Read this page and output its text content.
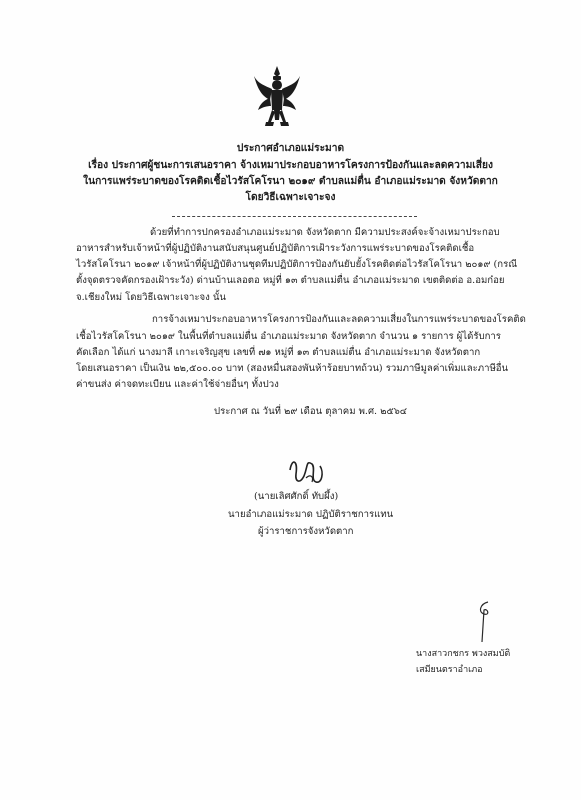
ประกาศอำเภอแม่ระมาด
เรื่อง ประกาศผู้ชนะการเสนอราคา จ้างเหมาประกอบอาหารโครงการป้องกันและลดความเสี่ยง
ในการแพร่ระบาดของโรคติดเชื้อไวรัสโคโรนา ๒๐๑๙ ตำบลแม่ตื่น อำเภอแม่ระมาด จังหวัดตาก
โดยวิธีเฉพาะเจาะจง
ด้วยที่ทำการปกครองอำเภอแม่ระมาด จังหวัดตาก มีความประสงค์จะจ้างเหมาประกอบ
อาหารสำหรับเจ้าหน้าที่ผู้ปฏิบัติงานสนับสนุนศูนย์ปฏิบัติการเฝ้าระวังการแพร่ระบาดของโรคติดเชื้อ
ไวรัสโคโรนา ๒๐๑๙ เจ้าหน้าที่ผู้ปฏิบัติงานชุดทีมปฏิบัติการป้องกันยับยั้งโรคติดต่อไวรัสโคโรนา ๒๐๑๙ (กรณี
ตั้งจุดตรวจคัดกรองเฝ้าระวัง) ด่านบ้านเลอตอ หมู่ที่ ๑๓ ตำบลแม่ตื่น อำเภอแม่ระมาด เขตติดต่อ อ.อมก๋อย
จ.เชียงใหม่ โดยวิธีเฉพาะเจาะจง นั้น
การจ้างเหมาประกอบอาหารโครงการป้องกันและลดความเสี่ยงในการแพร่ระบาดของโรคติด
เชื้อไวรัสโคโรนา ๒๐๑๙ ในพื้นที่ตำบลแม่ตื่น อำเภอแม่ระมาด จังหวัดตาก จำนวน ๑ รายการ ผู้ได้รับการ
คัดเลือก ได้แก่ นางมาลี เกาะเจริญสุข เลขที่ ๗๑ หมู่ที่ ๑๓ ตำบลแม่ตื่น อำเภอแม่ระมาด จังหวัดตาก
โดยเสนอราคา เป็นเงิน ๒๒,๕๐๐.๐๐ บาท (สองหมื่นสองพันห้าร้อยบาทถ้วน) รวมภาษีมูลค่าเพิ่มและภาษีอื่น
ค่าขนส่ง ค่าจดทะเบียน และค่าใช้จ่ายอื่นๆ ทั้งปวง
ประกาศ ณ วันที่ ๒๙ เดือน ตุลาคม พ.ศ. ๒๕๖๔
(นายเลิศศักดิ์ ทับผึ้ง)
นายอำเภอแม่ระมาด ปฏิบัติราชการแทน
ผู้ว่าราชการจังหวัดตาก
นางสาวกชกร พวงสมบัติ
เสมียนตราอำเภอ
